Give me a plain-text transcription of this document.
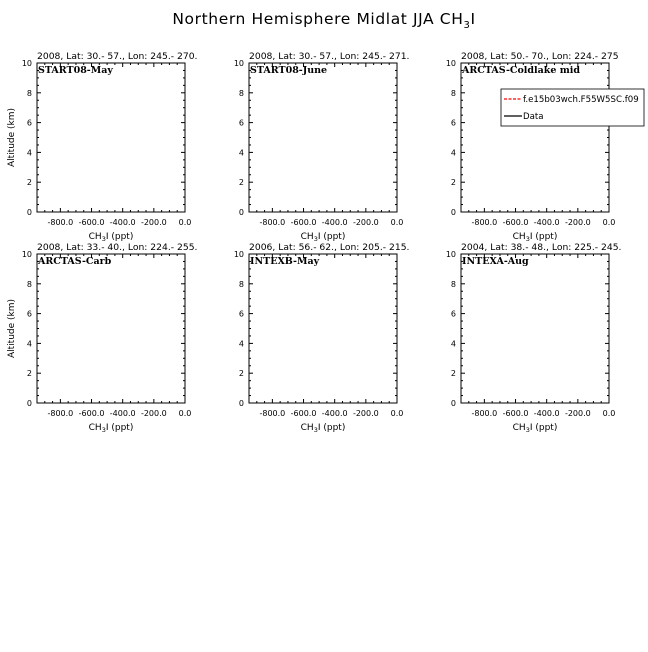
Northern Hemisphere Midlat JJA $CH_3I$
2008, Lat: 30.- 57., Lon: 245.- 270.
START08-May
0
2
4
6
8
10
-800.0 -600.0 -400.0 -200.0 0.0
$CH_3I$ (ppt)
Altitude (km)
2008, Lat: 30.- 57., Lon: 245.- 271.
START08-June
0
2
4
6
8
10
-800.0 -600.0 -400.0 -200.0 0.0
$CH_3I$ (ppt)
2008, Lat: 50.- 70., Lon: 224.- 275
ARCTAS-Coldlake mid
0
2
4
6
8
10
-800.0 -600.0 -400.0 -200.0 0.0
$CH_3I$ (ppt)
f.e15b03wch.F55W5SC.f09
Data
2008, Lat: 33.- 40., Lon: 224.- 255.
ARCTAS-Carb
0
2
4
6
8
10
-800.0 -600.0 -400.0 -200.0 0.0
$CH_3I$ (ppt)
Altitude (km)
2006, Lat: 56.- 62., Lon: 205.- 215.
INTEXB-May
0
2
4
6
8
10
-800.0 -600.0 -400.0 -200.0 0.0
$CH_3I$ (ppt)
2004, Lat: 38.- 48., Lon: 225.- 245.
INTEXA-Aug
0
2
4
6
8
10
-800.0 -600.0 -400.0 -200.0 0.0
$CH_3I$ (ppt)
